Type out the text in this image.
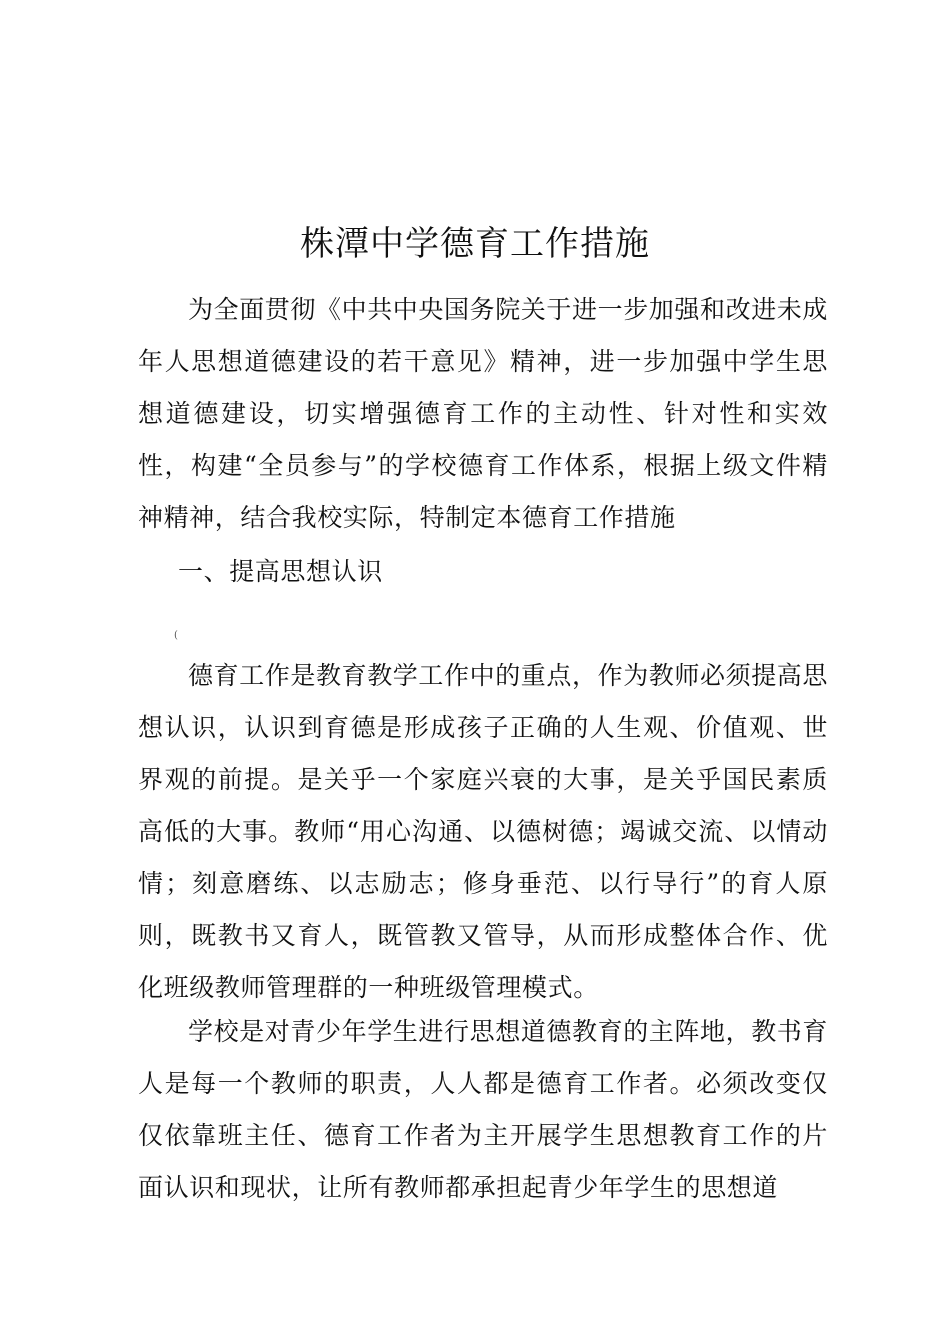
株潭中学德育工作措施

为全面贯彻《中共中央国务院关于进一步加强和改进未成年人思想道德建设的若干意见》精神，进一步加强中学生思想道德建设，切实增强德育工作的主动性、针对性和实效性，构建“全员参与”的学校德育工作体系，根据上级文件精神精神，结合我校实际，特制定本德育工作措施

一、提高思想认识

(

德育工作是教育教学工作中的重点，作为教师必须提高思想认识，认识到育德是形成孩子正确的人生观、价值观、世界观的前提。是关乎一个家庭兴衰的大事，是关乎国民素质高低的大事。教师“用心沟通、以德树德；竭诚交流、以情动情；刻意磨练、以志励志；修身垂范、以行导行”的育人原则，既教书又育人，既管教又管导，从而形成整体合作、优化班级教师管理群的一种班级管理模式。

学校是对青少年学生进行思想道德教育的主阵地，教书育人是每一个教师的职责，人人都是德育工作者。必须改变仅仅依靠班主任、德育工作者为主开展学生思想教育工作的片面认识和现状，让所有教师都承担起青少年学生的思想道
